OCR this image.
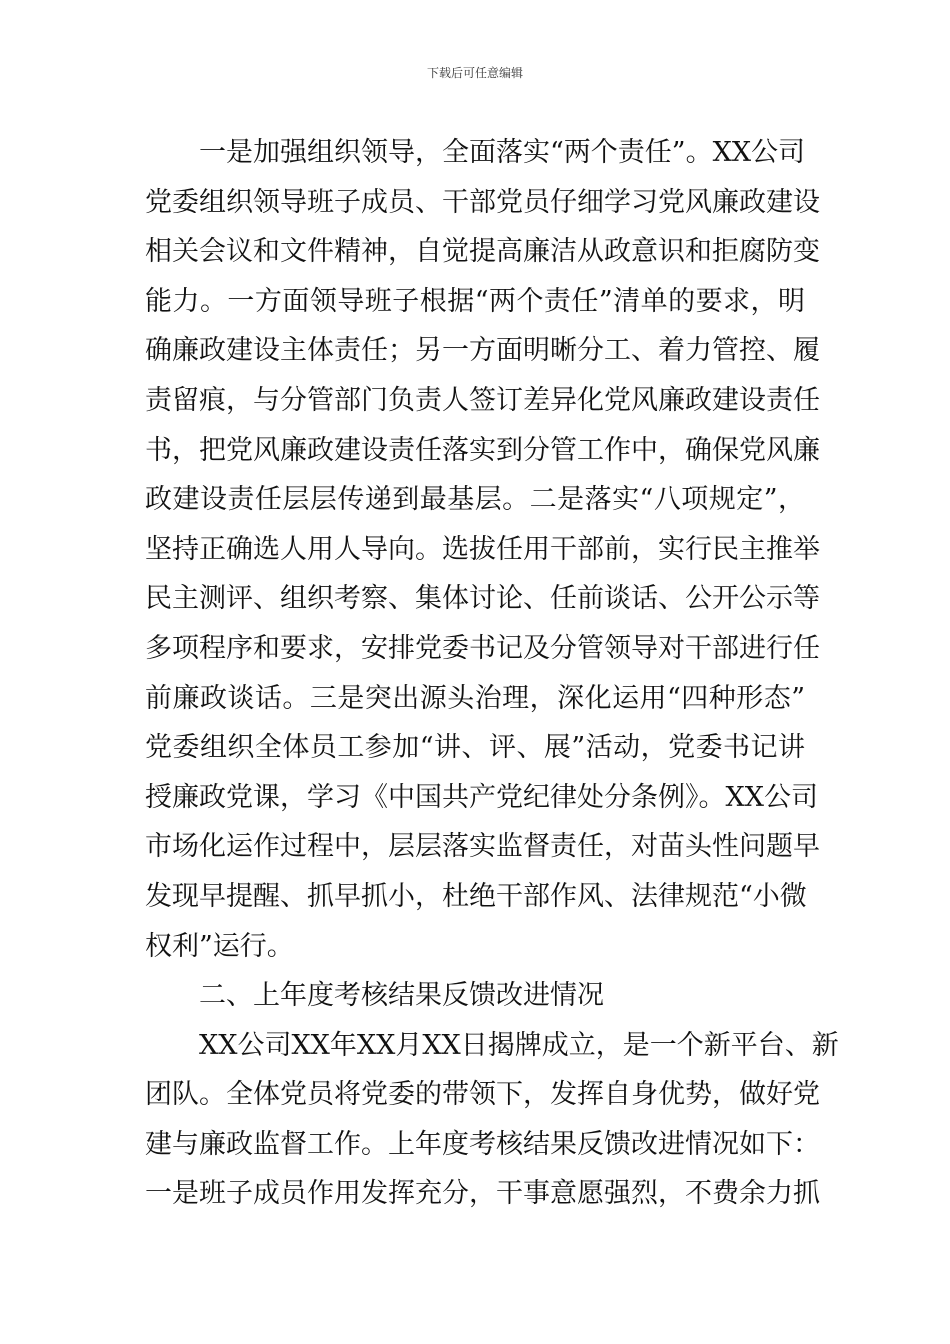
下载后可任意编辑
一是加强组织领导，全面落实“两个责任”。XX公司
党委组织领导班子成员、干部党员仔细学习党风廉政建设
相关会议和文件精神，自觉提高廉洁从政意识和拒腐防变
能力。一方面领导班子根据“两个责任”清单的要求，明
确廉政建设主体责任；另一方面明晰分工、着力管控、履
责留痕，与分管部门负责人签订差异化党风廉政建设责任
书，把党风廉政建设责任落实到分管工作中，确保党风廉
政建设责任层层传递到最基层。二是落实“八项规定”，
坚持正确选人用人导向。选拔任用干部前，实行民主推举
民主测评、组织考察、集体讨论、任前谈话、公开公示等
多项程序和要求，安排党委书记及分管领导对干部进行任
前廉政谈话。三是突出源头治理，深化运用“四种形态”
党委组织全体员工参加“讲、评、展”活动，党委书记讲
授廉政党课，学习《中国共产党纪律处分条例》。XX公司
市场化运作过程中，层层落实监督责任，对苗头性问题早
发现早提醒、抓早抓小，杜绝干部作风、法律规范“小微
权利”运行。
二、上年度考核结果反馈改进情况
XX公司XX年XX月XX日揭牌成立，是一个新平台、新
团队。全体党员将党委的带领下，发挥自身优势，做好党
建与廉政监督工作。上年度考核结果反馈改进情况如下：
一是班子成员作用发挥充分，干事意愿强烈，不费余力抓
